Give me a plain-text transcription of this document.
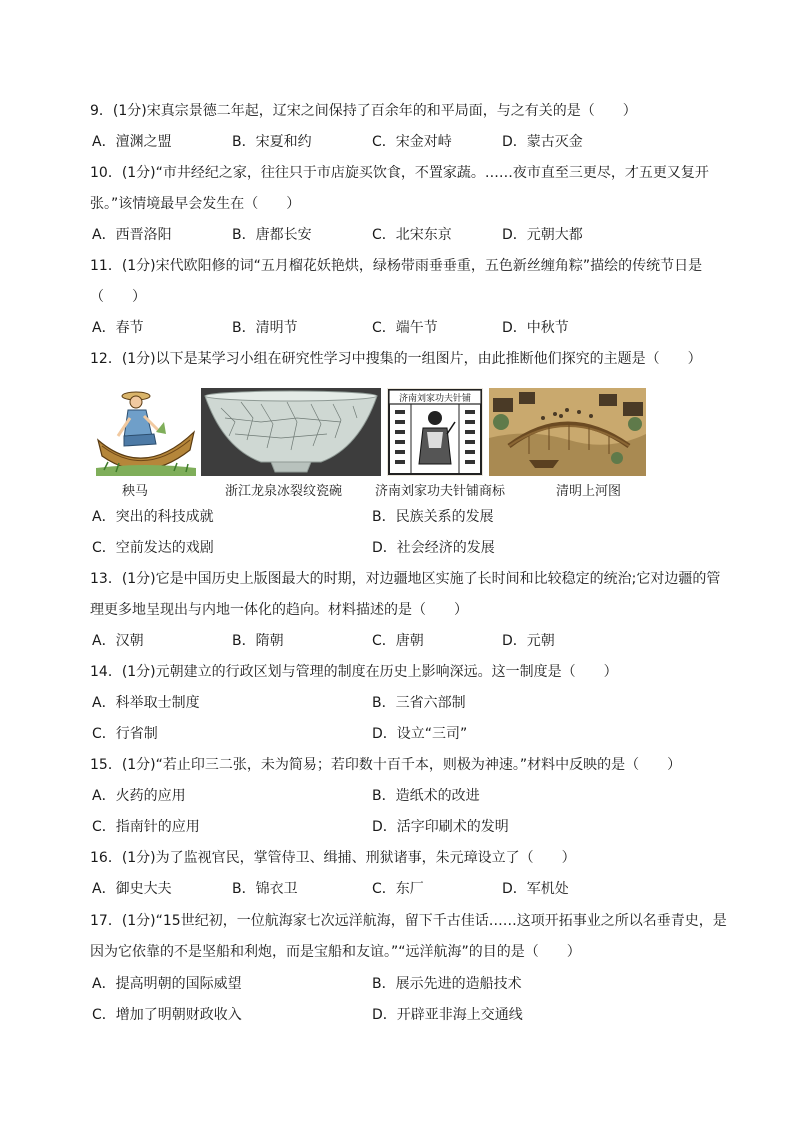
9．(1分)宋真宗景德二年起，辽宋之间保持了百余年的和平局面，与之有关的是（　　）
A．澶渊之盟	B．宋夏和约	C．宋金对峙	D．蒙古灭金
10．(1分)“市井经纪之家，往往只于市店旋买饮食，不置家蔬。……夜市直至三更尽，才五更又复开
张。”该情境最早会发生在（　　）
A．西晋洛阳	B．唐都长安	C．北宋东京	D．元朝大都
11．(1分)宋代欧阳修的词“五月榴花妖艳烘，绿杨带雨垂垂重，五色新丝缠角粽”描绘的传统节日是
（　　）
A．春节	B．清明节	C．端午节	D．中秋节
12．(1分)以下是某学习小组在研究性学习中搜集的一组图片，由此推断他们探究的主题是（　　）
济南刘家功夫针铺
秧马	浙江龙泉冰裂纹瓷碗	济南刘家功夫针铺商标	清明上河图
A．突出的科技成就	B．民族关系的发展
C．空前发达的戏剧	D．社会经济的发展
13．(1分)它是中国历史上版图最大的时期，对边疆地区实施了长时间和比较稳定的统治;它对边疆的管
理更多地呈现出与内地一体化的趋向。材料描述的是（　　）
A．汉朝	B．隋朝	C．唐朝	D．元朝
14．(1分)元朝建立的行政区划与管理的制度在历史上影响深远。这一制度是（　　）
A．科举取士制度	B．三省六部制
C．行省制	D．设立“三司”
15．(1分)“若止印三二张，未为简易；若印数十百千本，则极为神速。”材料中反映的是（　　）
A．火药的应用	B．造纸术的改进
C．指南针的应用	D．活字印刷术的发明
16．(1分)为了监视官民，掌管侍卫、缉捕、刑狱诸事，朱元璋设立了（　　）
A．御史大夫	B．锦衣卫	C．东厂	D．军机处
17．(1分)“15世纪初，一位航海家七次远洋航海，留下千古佳话……这项开拓事业之所以名垂青史，是
因为它依靠的不是坚船和利炮，而是宝船和友谊。”“远洋航海”的目的是（　　）
A．提高明朝的国际威望	B．展示先进的造船技术
C．增加了明朝财政收入	D．开辟亚非海上交通线
